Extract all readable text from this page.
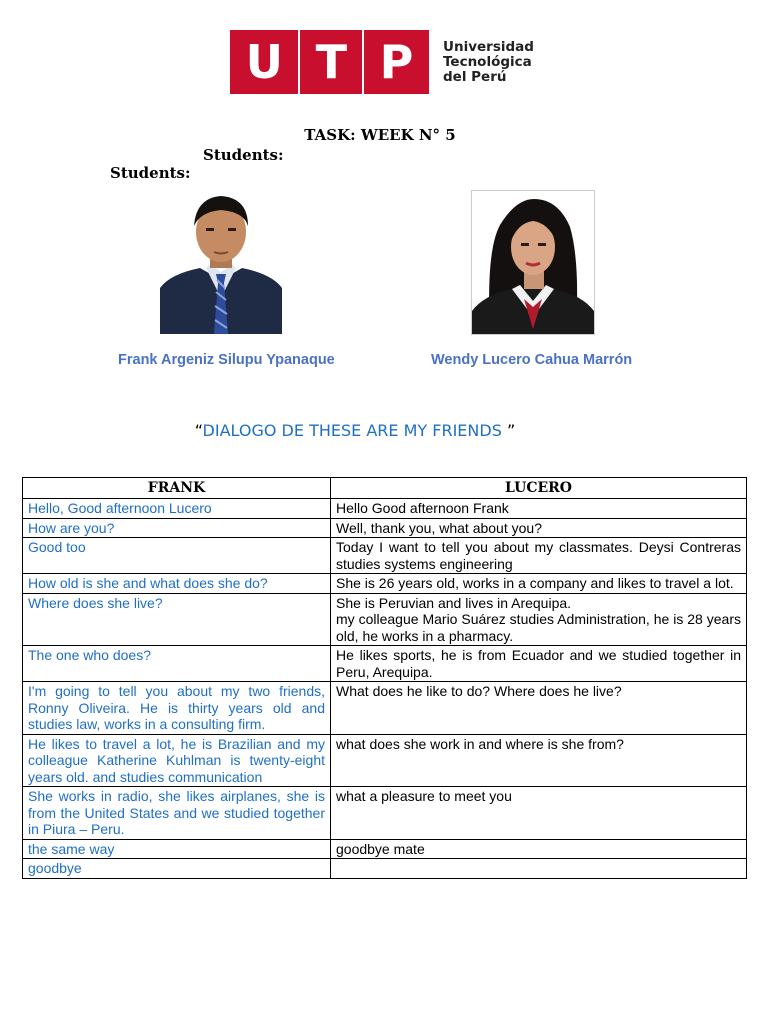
U T P Universidad
Tecnológica
del Perú
TASK: WEEK N° 5
Students:
Students:
Frank Argeniz Silupu Ypanaque	Wendy Lucero Cahua Marrón
“DIALOGO DE THESE ARE MY FRIENDS ”
FRANK	LUCERO
Hello, Good afternoon Lucero	Hello Good afternoon Frank
How are you?	Well, thank you, what about you?
Good too	Today I want to tell you about my classmates. Deysi Contreras studies systems engineering
How old is she and what does she do?	She is 26 years old, works in a company and likes to travel a lot.
Where does she live?	She is Peruvian and lives in Arequipa.
my colleague Mario Suárez studies Administration, he is 28 years old, he works in a pharmacy.
The one who does?	He likes sports, he is from Ecuador and we studied together in Peru, Arequipa.
I'm going to tell you about my two friends, Ronny Oliveira. He is thirty years old and studies law, works in a consulting firm.	What does he like to do? Where does he live?
He likes to travel a lot, he is Brazilian and my colleague Katherine Kuhlman is twenty-eight years old. and studies communication	what does she work in and where is she from?
She works in radio, she likes airplanes, she is from the United States and we studied together in Piura – Peru.	what a pleasure to meet you
the same way	goodbye mate
goodbye	
